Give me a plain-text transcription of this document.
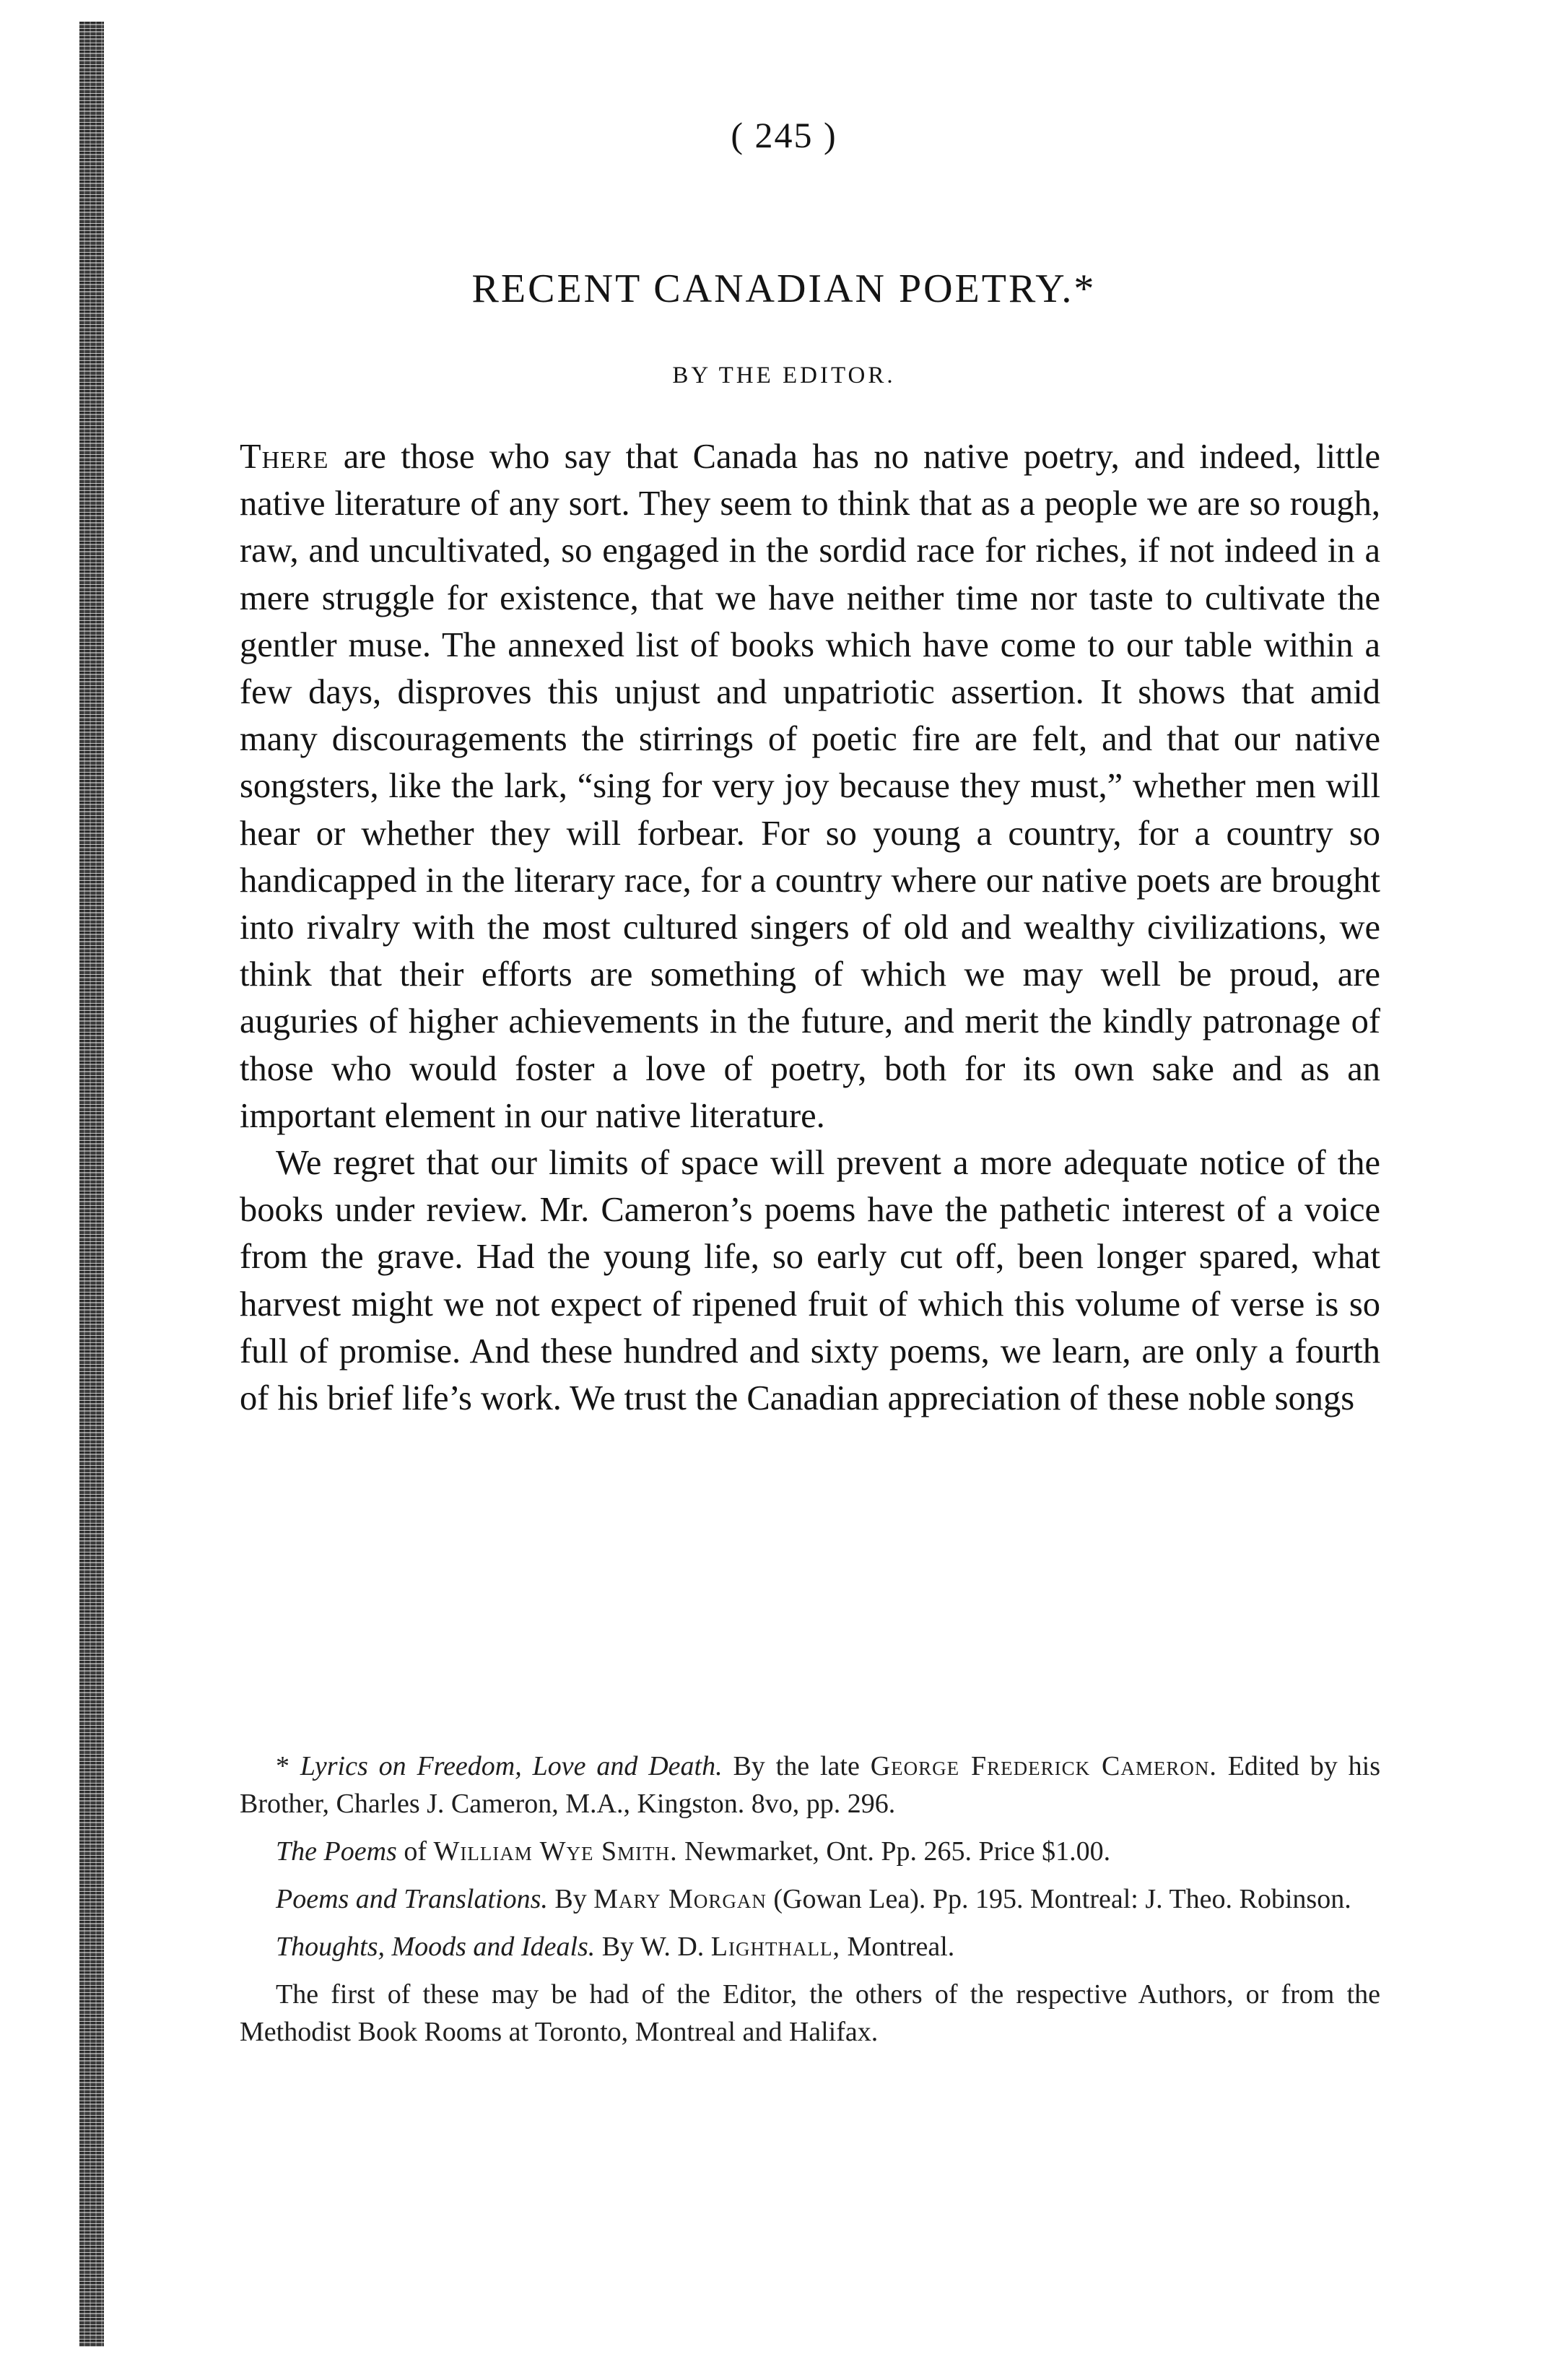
( 245 )
RECENT CANADIAN POETRY.*
BY THE EDITOR.

There are those who say that Canada has no native poetry, and indeed, little native literature of any sort. They seem to think that as a people we are so rough, raw, and uncultivated, so engaged in the sordid race for riches, if not indeed in a mere struggle for existence, that we have neither time nor taste to cultivate the gentler muse. The annexed list of books which have come to our table within a few days, disproves this unjust and unpatriotic assertion. It shows that amid many discouragements the stirrings of poetic fire are felt, and that our native songsters, like the lark, “sing for very joy because they must,” whether men will hear or whether they will forbear. For so young a country, for a country so handicapped in the literary race, for a country where our native poets are brought into rivalry with the most cultured singers of old and wealthy civilizations, we think that their efforts are something of which we may well be proud, are auguries of higher achievements in the future, and merit the kindly patronage of those who would foster a love of poetry, both for its own sake and as an important element in our native literature.

We regret that our limits of space will prevent a more adequate notice of the books under review. Mr. Cameron’s poems have the pathetic interest of a voice from the grave. Had the young life, so early cut off, been longer spared, what harvest might we not expect of ripened fruit of which this volume of verse is so full of promise. And these hundred and sixty poems, we learn, are only a fourth of his brief life’s work. We trust the Canadian appreciation of these noble songs

* Lyrics on Freedom, Love and Death. By the late George Frederick Cameron. Edited by his Brother, Charles J. Cameron, M.A., Kingston. 8vo, pp. 296.

The Poems of William Wye Smith. Newmarket, Ont. Pp. 265. Price $1.00.

Poems and Translations. By Mary Morgan (Gowan Lea). Pp. 195. Montreal: J. Theo. Robinson.

Thoughts, Moods and Ideals. By W. D. Lighthall, Montreal.

The first of these may be had of the Editor, the others of the respective Authors, or from the Methodist Book Rooms at Toronto, Montreal and Halifax.
